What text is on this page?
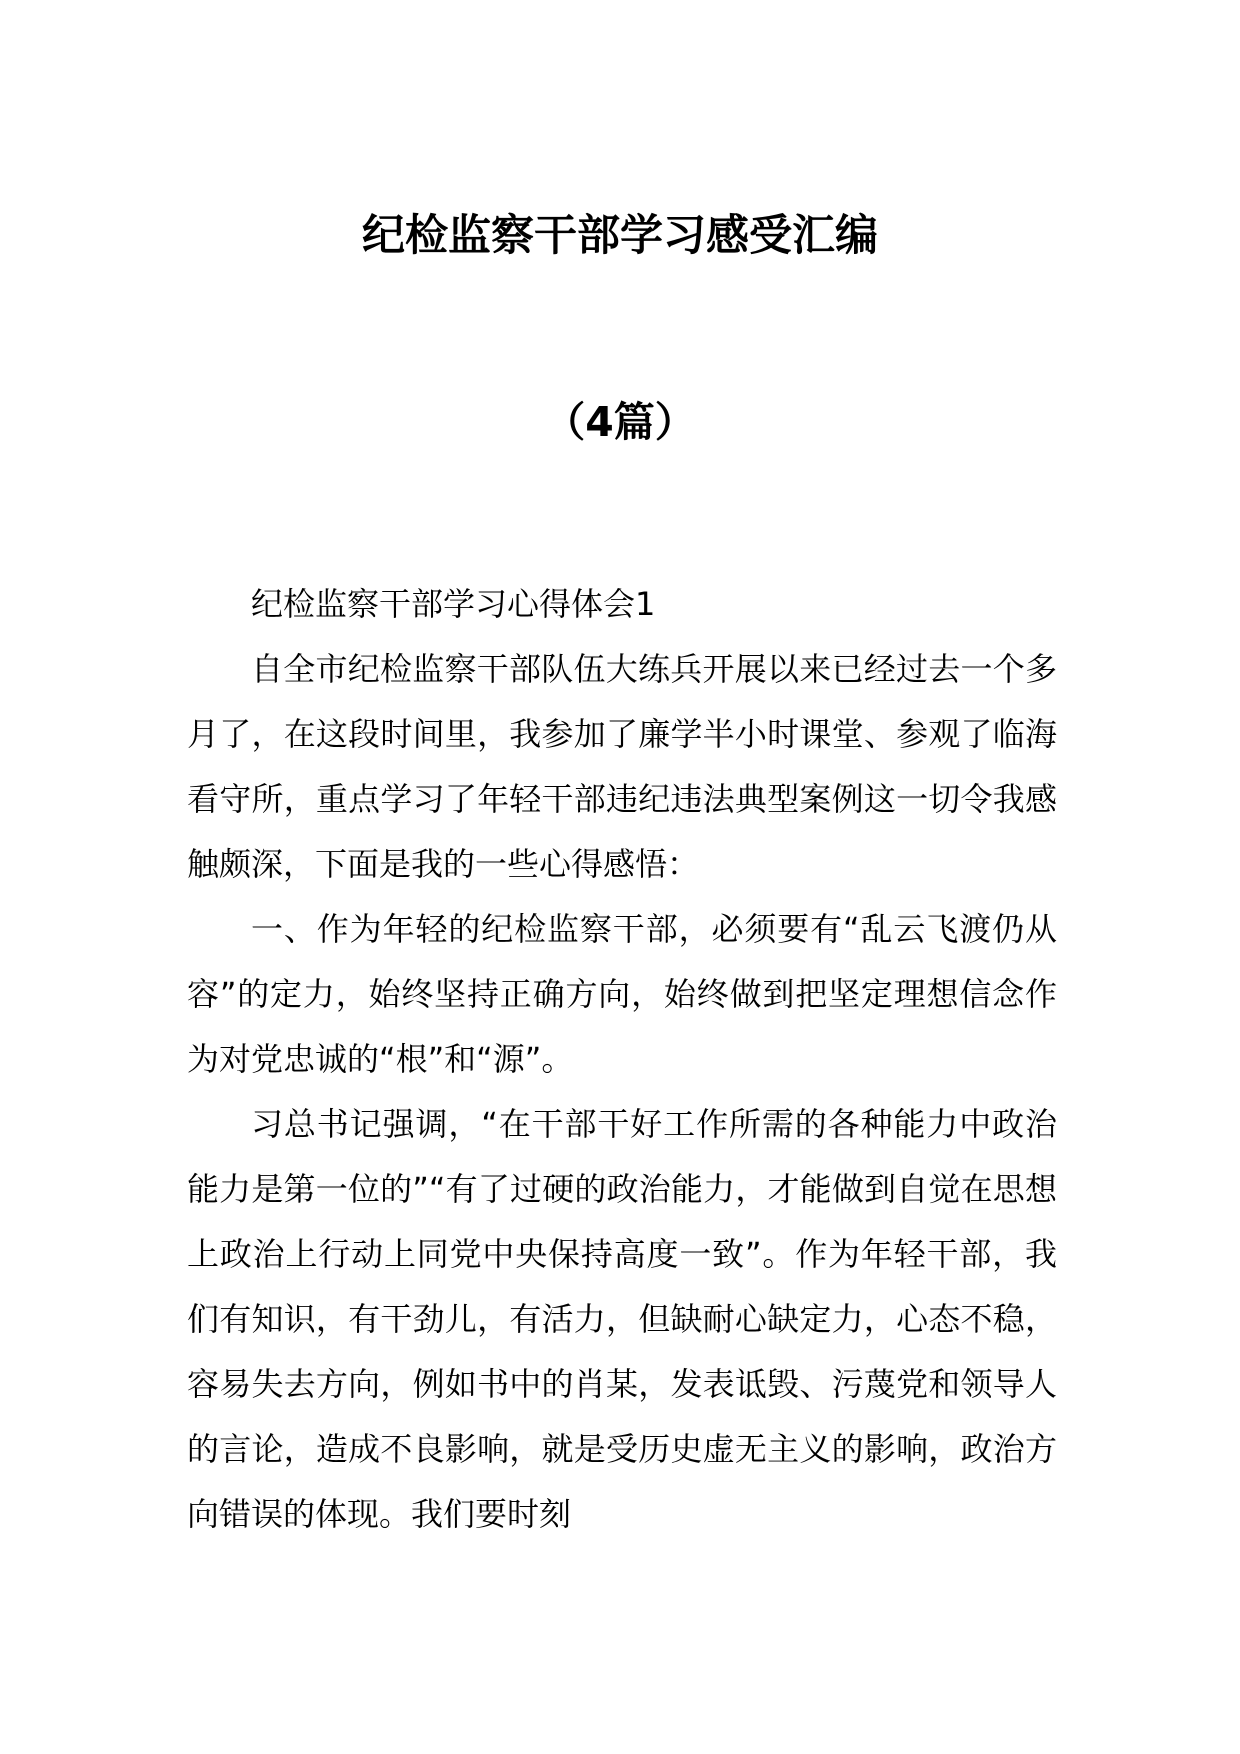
纪检监察干部学习感受汇编
（4篇）

纪检监察干部学习心得体会1

自全市纪检监察干部队伍大练兵开展以来已经过去一个多月了，在这段时间里，我参加了廉学半小时课堂、参观了临海看守所，重点学习了年轻干部违纪违法典型案例这一切令我感触颇深，下面是我的一些心得感悟：

一、作为年轻的纪检监察干部，必须要有“乱云飞渡仍从容”的定力，始终坚持正确方向，始终做到把坚定理想信念作为对党忠诚的“根”和“源”。

习总书记强调，“在干部干好工作所需的各种能力中政治能力是第一位的”“有了过硬的政治能力，才能做到自觉在思想上政治上行动上同党中央保持高度一致”。作为年轻干部，我们有知识，有干劲儿，有活力，但缺耐心缺定力，心态不稳，容易失去方向，例如书中的肖某，发表诋毁、污蔑党和领导人的言论，造成不良影响，就是受历史虚无主义的影响，政治方向错误的体现。我们要时刻
